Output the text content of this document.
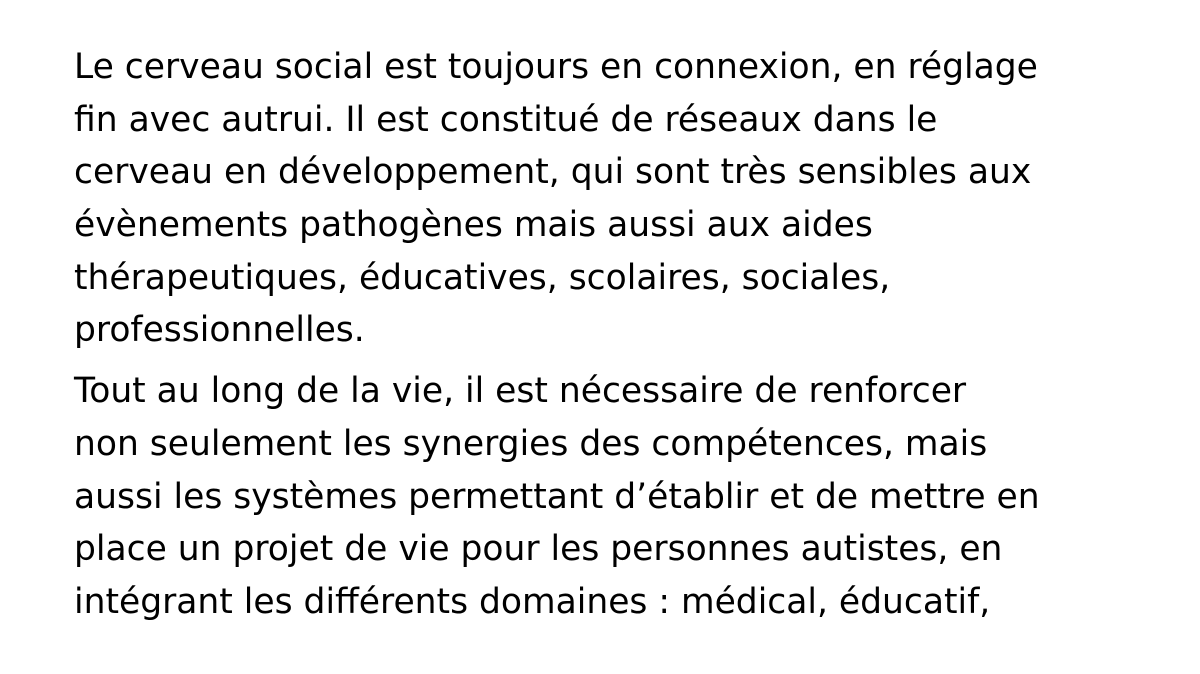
Le cerveau social est toujours en connexion, en réglage
fin avec autrui. Il est constitué de réseaux dans le
cerveau en développement, qui sont très sensibles aux
évènements pathogènes mais aussi aux aides
thérapeutiques, éducatives, scolaires, sociales,
professionnelles.
Tout au long de la vie, il est nécessaire de renforcer
non seulement les synergies des compétences, mais
aussi les systèmes permettant d’établir et de mettre en
place un projet de vie pour les personnes autistes, en
intégrant les différents domaines : médical, éducatif,
